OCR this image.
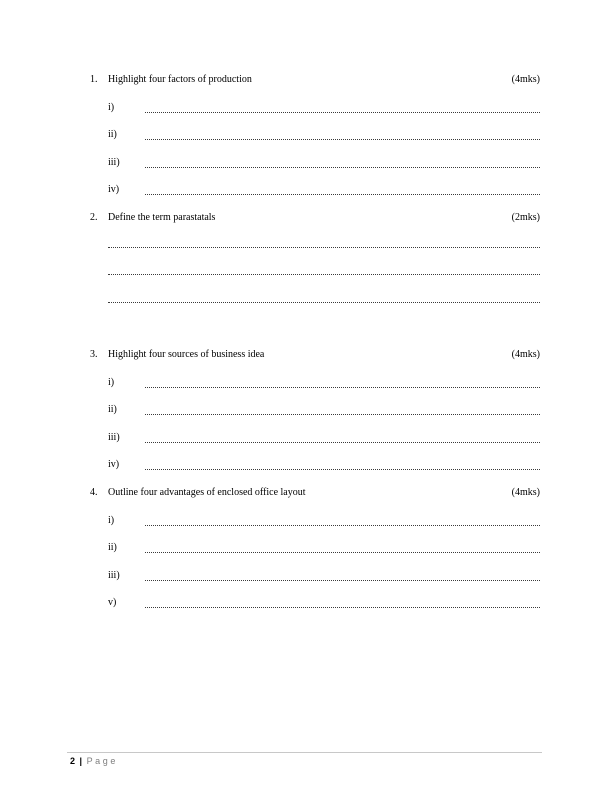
1. Highlight four factors of production	(4mks)
i)
ii)
iii)
iv)
2. Define the term parastatals	(2mks)
3. Highlight four sources of business idea	(4mks)
i)
ii)
iii)
iv)
4. Outline four advantages of enclosed office layout	(4mks)
i)
ii)
iii)
v)
2 | Page
